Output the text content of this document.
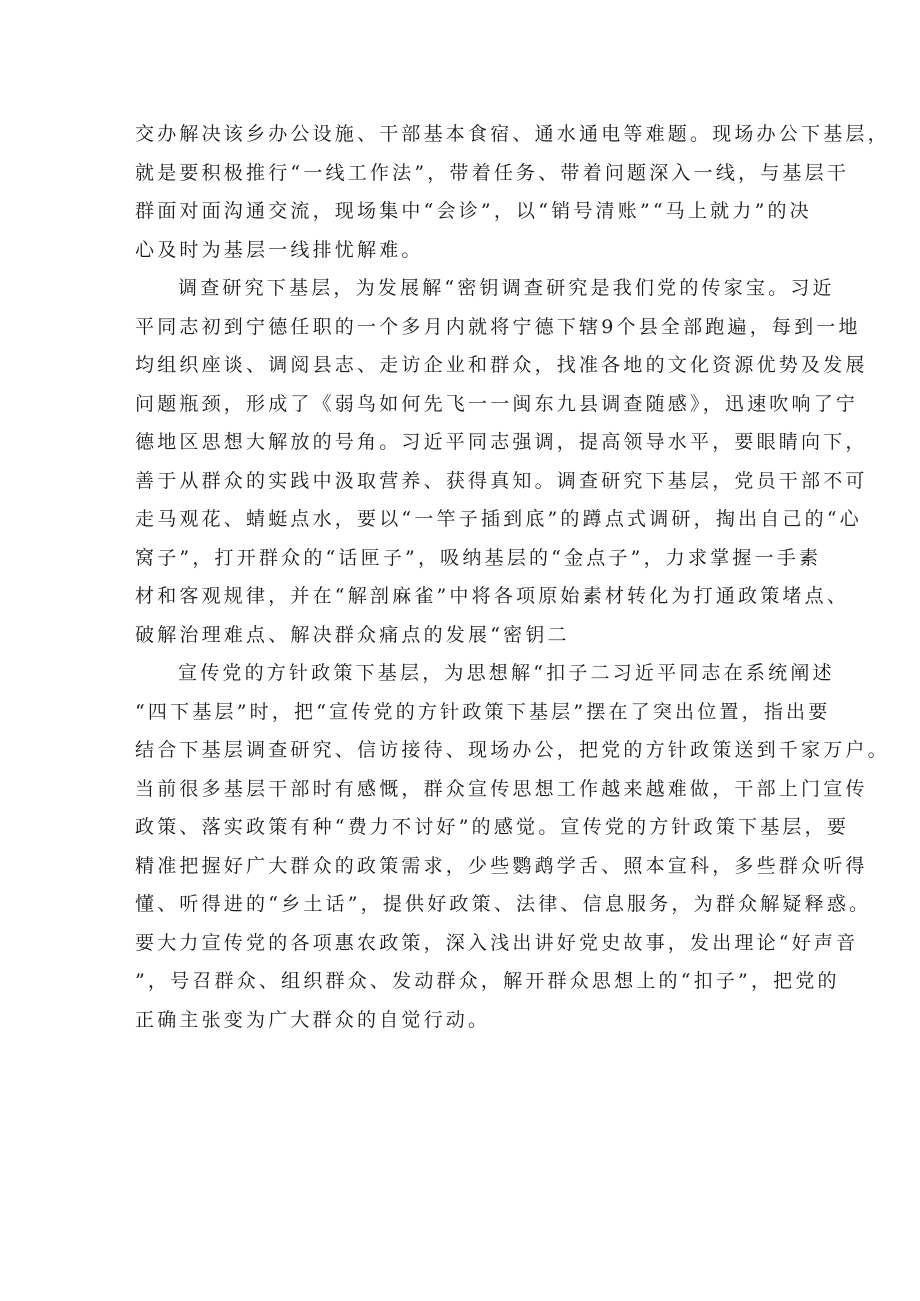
交办解决该乡办公设施、干部基本食宿、通水通电等难题。现场办公下基层，
就是要积极推行“一线工作法”，带着任务、带着问题深入一线，与基层干
群面对面沟通交流，现场集中“会诊”，以“销号清账”“马上就力”的决
心及时为基层一线排忧解难。
调查研究下基层，为发展解“密钥调查研究是我们党的传家宝。习近
平同志初到宁德任职的一个多月内就将宁德下辖9个县全部跑遍，每到一地
均组织座谈、调阅县志、走访企业和群众，找准各地的文化资源优势及发展
问题瓶颈，形成了《弱鸟如何先飞一一闽东九县调查随感》，迅速吹响了宁
德地区思想大解放的号角。习近平同志强调，提高领导水平，要眼睛向下，
善于从群众的实践中汲取营养、获得真知。调查研究下基层，党员干部不可
走马观花、蜻蜓点水，要以“一竿子插到底”的蹲点式调研，掏出自己的“心
窝子”，打开群众的“话匣子”，吸纳基层的“金点子”，力求掌握一手素
材和客观规律，并在“解剖麻雀”中将各项原始素材转化为打通政策堵点、
破解治理难点、解决群众痛点的发展“密钥二
宣传党的方针政策下基层，为思想解“扣子二习近平同志在系统阐述
“四下基层”时，把“宣传党的方针政策下基层”摆在了突出位置，指出要
结合下基层调查研究、信访接待、现场办公，把党的方针政策送到千家万户。
当前很多基层干部时有感慨，群众宣传思想工作越来越难做，干部上门宣传
政策、落实政策有种“费力不讨好”的感觉。宣传党的方针政策下基层，要
精准把握好广大群众的政策需求，少些鹦鹉学舌、照本宣科，多些群众听得
懂、听得进的“乡土话”，提供好政策、法律、信息服务，为群众解疑释惑。
要大力宣传党的各项惠农政策，深入浅出讲好党史故事，发出理论“好声音
”，号召群众、组织群众、发动群众，解开群众思想上的“扣子”，把党的
正确主张变为广大群众的自觉行动。
